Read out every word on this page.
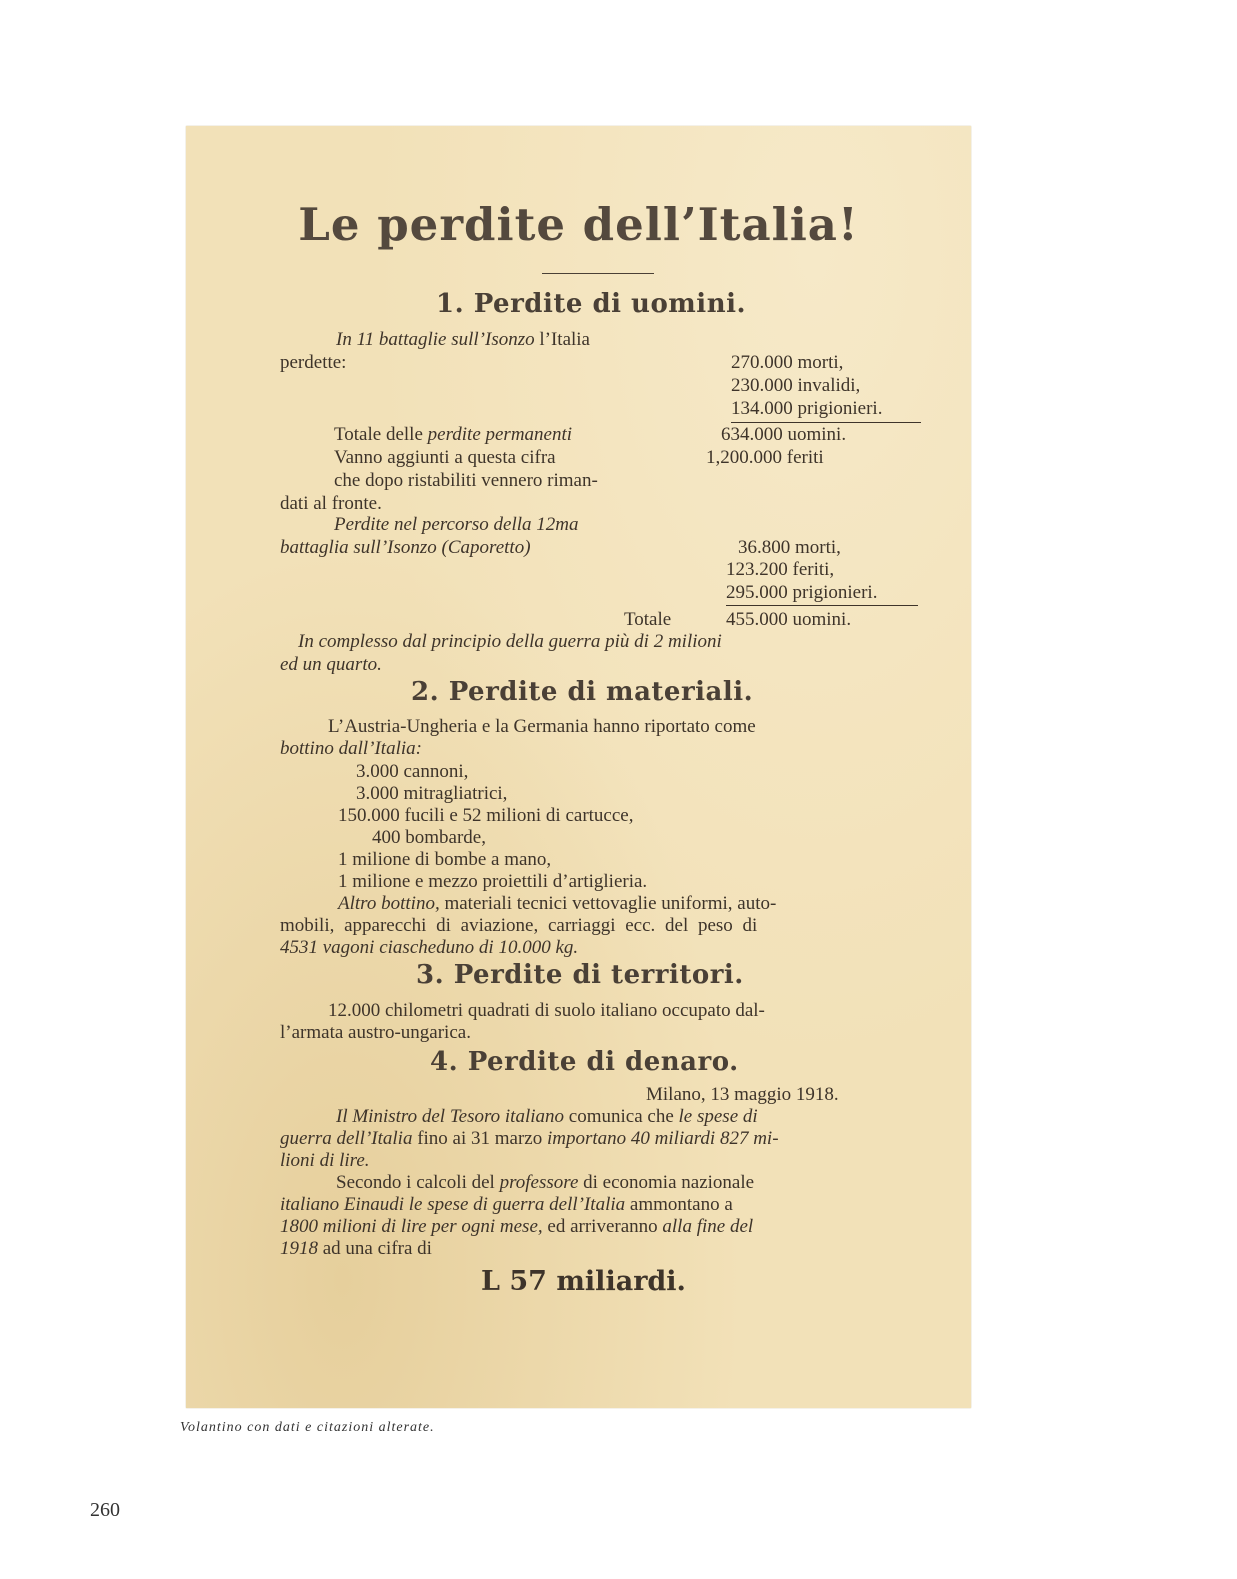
Le perdite dell’Italia!
1. Perdite di uomini.
In 11 battaglie sull’Isonzo l’Italia
perdette:	270.000 morti,
230.000 invalidi,
134.000 prigionieri.
Totale delle perdite permanenti	634.000 uomini.
Vanno aggiunti a questa cifra	1,200.000 feriti
che dopo ristabiliti vennero riman-
dati al fronte.
Perdite nel percorso della 12ma
battaglia sull’Isonzo (Caporetto)	36.800 morti,
123.200 feriti,
295.000 prigionieri.
Totale	455.000 uomini.
In complesso dal principio della guerra più di 2 milioni
ed un quarto.
2. Perdite di materiali.
L’Austria-Ungheria e la Germania hanno riportato come
bottino dall’Italia:
3.000 cannoni,
3.000 mitragliatrici,
150.000 fucili e 52 milioni di cartucce,
400 bombarde,
1 milione di bombe a mano,
1 milione e mezzo proiettili d’artiglieria.
Altro bottino, materiali tecnici vettovaglie uniformi, auto-
mobili, apparecchi di aviazione, carriaggi ecc. del peso di
4531 vagoni ciascheduno di 10.000 kg.
3. Perdite di territori.
12.000 chilometri quadrati di suolo italiano occupato dal-
l’armata austro-ungarica.
4. Perdite di denaro.
Milano, 13 maggio 1918.
Il Ministro del Tesoro italiano comunica che le spese di
guerra dell’Italia fino ai 31 marzo importano 40 miliardi 827 mi-
lioni di lire.
Secondo i calcoli del professore di economia nazionale
italiano Einaudi le spese di guerra dell’Italia ammontano a
1800 milioni di lire per ogni mese, ed arriveranno alla fine del
1918 ad una cifra di
L 57 miliardi.
Volantino con dati e citazioni alterate.
260
